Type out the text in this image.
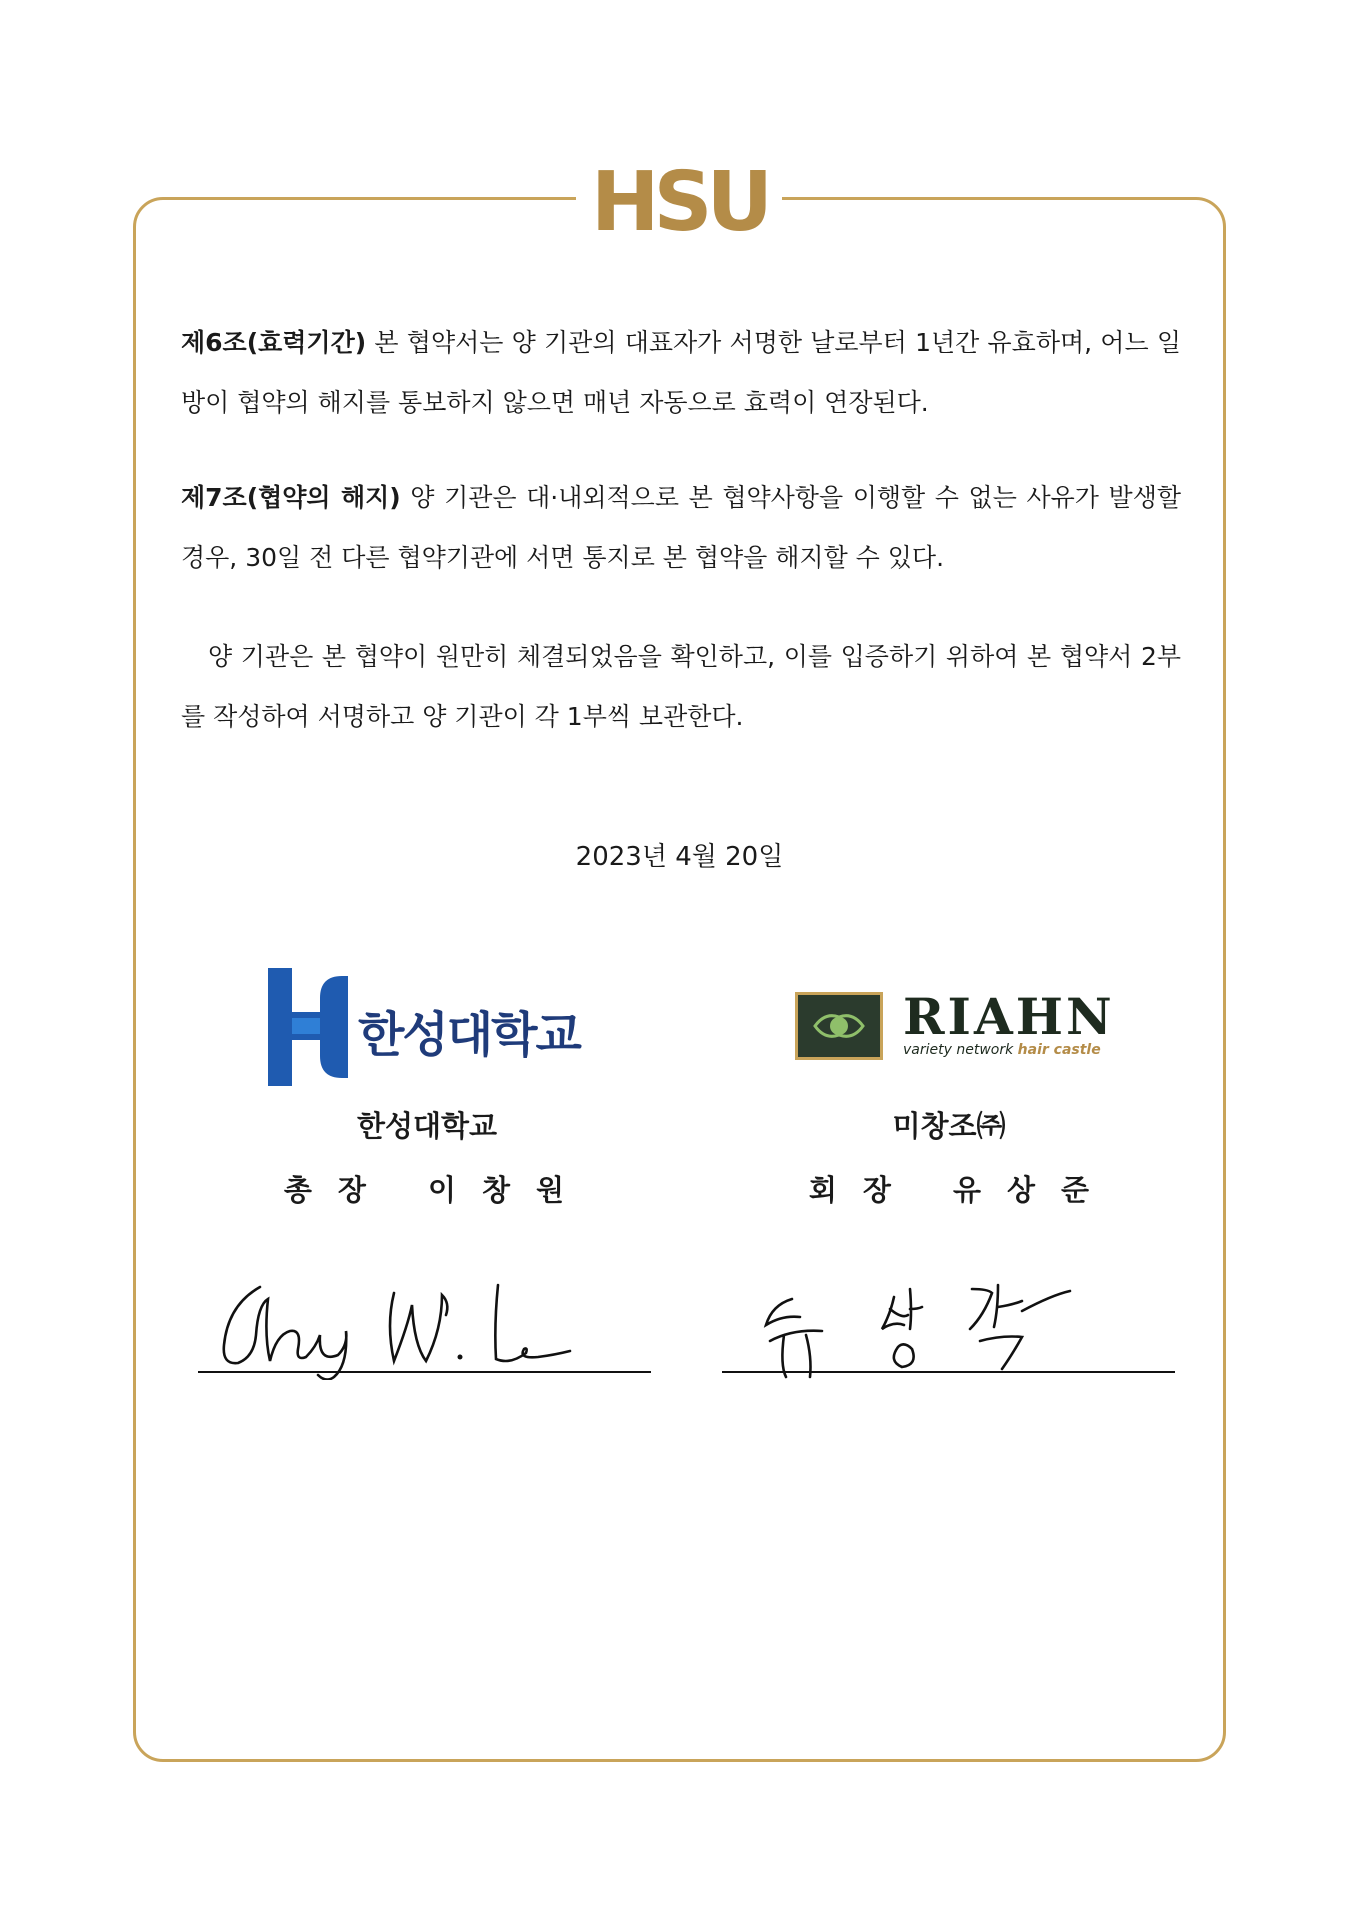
HSU

제6조(효력기간) 본 협약서는 양 기관의 대표자가 서명한 날로부터 1년간 유효하며, 어느 일방이 협약의 해지를 통보하지 않으면 매년 자동으로 효력이 연장된다.

제7조(협약의 해지) 양 기관은 대·내외적으로 본 협약사항을 이행할 수 없는 사유가 발생할 경우, 30일 전 다른 협약기관에 서면 통지로 본 협약을 해지할 수 있다.

양 기관은 본 협약이 원만히 체결되었음을 확인하고, 이를 입증하기 위하여 본 협약서 2부를 작성하여 서명하고 양 기관이 각 1부씩 보관한다.

2023년 4월 20일
한성대학교	RIAHN
variety network hair castle
한성대학교	미창조㈜
총장 이창원	회장 유상준
